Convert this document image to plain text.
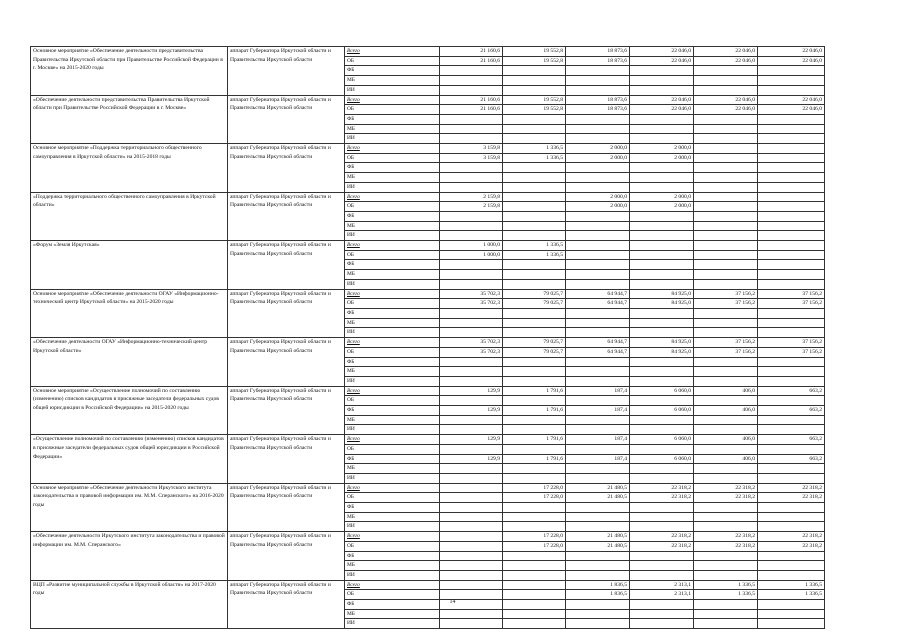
Основное мероприятие «Обеспечение деятельности представительства Правительства Иркутской области при Правительстве Российской Федерации в г. Москве» на 2015-2020 годы	аппарат Губернатора Иркутской области и Правительства Иркутской области	Всего	21 160,6	19 552,8	18 873,6	22 046,0	22 046,0	22 046,0
		ОБ	21 160,6	19 552,8	18 873,6	22 046,0	22 046,0	22 046,0
		ФБ						
		МБ						
		ИИ						
«Обеспечение деятельности представительства Правительства Иркутской области при Правительстве Российской Федерации в г. Москве»	аппарат Губернатора Иркутской области и Правительства Иркутской области	Всего	21 160,6	19 552,8	18 873,6	22 046,0	22 046,0	22 046,0
		ОБ	21 160,6	19 552,8	18 873,6	22 046,0	22 046,0	22 046,0
		ФБ						
		МБ						
		ИИ						
Основное мероприятие «Поддержка территориального общественного самоуправления в Иркутской области» на 2015-2018 годы	аппарат Губернатора Иркутской области и Правительства Иркутской области	Всего	3 159,8	1 336,5	2 000,0	2 000,0		
		ОБ	3 159,8	1 336,5	2 000,0	2 000,0		
		ФБ						
		МБ						
		ИИ						
«Поддержка территориального общественного самоуправления в Иркутской области»	аппарат Губернатора Иркутской области и Правительства Иркутской области	Всего	2 159,8		2 000,0	2 000,0		
		ОБ	2 159,8		2 000,0	2 000,0		
		ФБ						
		МБ						
		ИИ						
«Форум «Земля Иркутская»	аппарат Губернатора Иркутской области и Правительства Иркутской области	Всего	1 000,0	1 336,5				
		ОБ	1 000,0	1 336,5				
		ФБ						
		МБ						
		ИИ						
Основное мероприятие «Обеспечение деятельности ОГАУ «Информационно-технический центр Иркутской области» на 2015-2020 годы	аппарат Губернатора Иркутской области и Правительства Иркутской области	Всего	35 702,3	79 025,7	64 944,7	84 925,0	37 156,2	37 156,2
		ОБ	35 702,3	79 025,7	64 944,7	84 925,0	37 156,2	37 156,2
		ФБ						
		МБ						
		ИИ						
«Обеспечение деятельности ОГАУ «Информационно-технический центр Иркутской области»	аппарат Губернатора Иркутской области и Правительства Иркутской области	Всего	35 702,3	79 025,7	64 944,7	84 925,0	37 156,2	37 156,2
		ОБ	35 702,3	79 025,7	64 944,7	84 925,0	37 156,2	37 156,2
		ФБ						
		МБ						
		ИИ						
Основное мероприятие «Осуществление полномочий по составлению (изменению) списков кандидатов в присяжные заседатели федеральных судов общей юрисдикции в Российской Федерации» на 2015-2020 годы	аппарат Губернатора Иркутской области и Правительства Иркутской области	Всего	129,9	1 791,6	187,4	6 060,0	406,0	663,2
		ОБ						
		ФБ	129,9	1 791,6	187,4	6 060,0	406,0	663,2
		МБ						
		ИИ						
«Осуществление полномочий по составлению (изменению) списков кандидатов в присяжные заседатели федеральных судов общей юрисдикции в Российской Федерации»	аппарат Губернатора Иркутской области и Правительства Иркутской области	Всего	129,9	1 791,6	187,4	6 060,0	406,0	663,2
		ОБ						
		ФБ	129,9	1 791,6	187,4	6 060,0	406,0	663,2
		МБ						
		ИИ						
Основное мероприятие «Обеспечение деятельности Иркутского института законодательства и правовой информации им. М.М. Сперанского» на 2016-2020 годы	аппарат Губернатора Иркутской области и Правительства Иркутской области	Всего		17 228,0	21 480,5	22 318,2	22 318,2	22 318,2
		ОБ		17 228,0	21 480,5	22 318,2	22 318,2	22 318,2
		ФБ						
		МБ						
		ИИ						
«Обеспечение деятельности Иркутского института законодательства и правовой информации им. М.М. Сперанского»	аппарат Губернатора Иркутской области и Правительства Иркутской области	Всего		17 228,0	21 480,5	22 318,2	22 318,2	22 318,2
		ОБ		17 228,0	21 480,5	22 318,2	22 318,2	22 318,2
		ФБ						
		МБ						
		ИИ						
ВЦП «Развитие муниципальной службы в Иркутской области» на 2017-2020 годы	аппарат Губернатора Иркутской области и Правительства Иркутской области	Всего			1 836,5	2 313,1	1 336,5	1 336,5
		ОБ			1 836,5	2 313,1	1 336,5	1 336,5
		ФБ						
		МБ						
		ИИ						
14
